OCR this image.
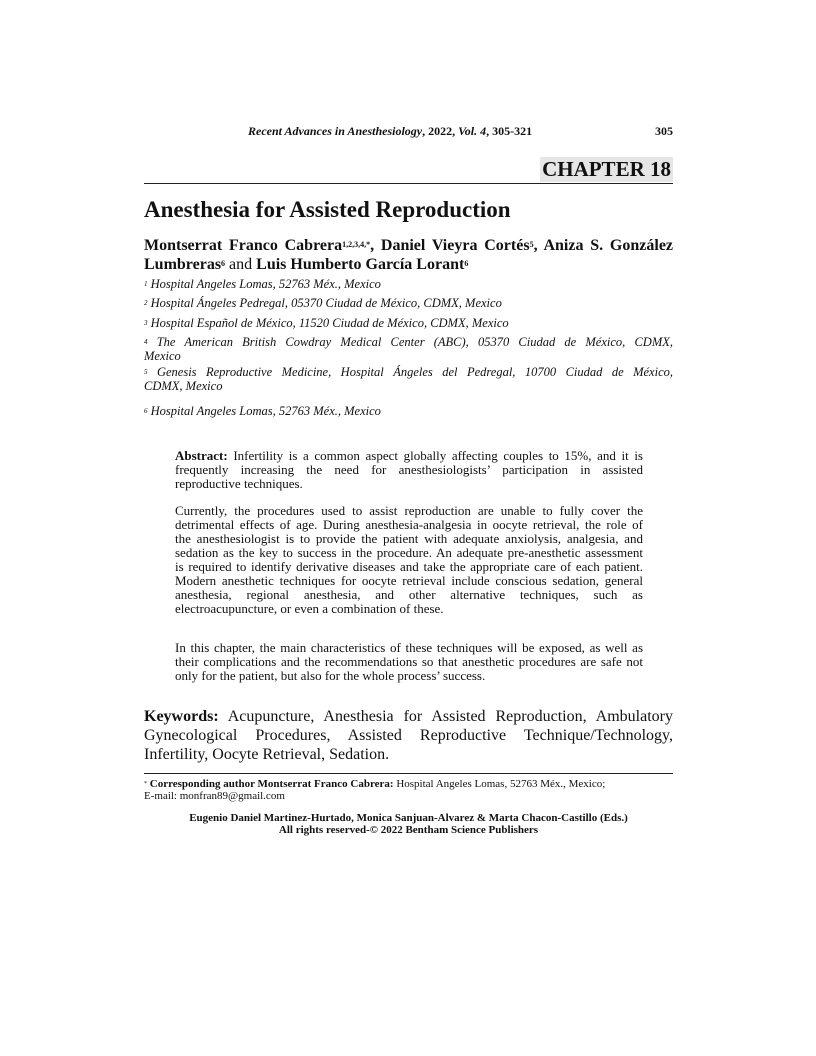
Recent Advances in Anesthesiology, 2022, Vol. 4, 305-321	305
CHAPTER 18
Anesthesia for Assisted Reproduction
Montserrat Franco Cabrera$^{1,2,3,4,*}$, Daniel Vieyra Cortés$^5$, Aniza S. González
Lumbreras$^6$ and Luis Humberto García Lorant$^6$
$^1$ Hospital Angeles Lomas, 52763 Méx., Mexico
$^2$ Hospital Ángeles Pedregal, 05370 Ciudad de México, CDMX, Mexico
$^3$ Hospital Español de México, 11520 Ciudad de México, CDMX, Mexico
$^4$ The American British Cowdray Medical Center (ABC), 05370 Ciudad de México, CDMX,
Mexico
$^5$ Genesis Reproductive Medicine, Hospital Ángeles del Pedregal, 10700 Ciudad de México,
CDMX, Mexico
$^6$ Hospital Angeles Lomas, 52763 Méx., Mexico
Abstract: Infertility is a common aspect globally affecting couples to 15%, and it is
frequently increasing the need for anesthesiologists’ participation in assisted
reproductive techniques.
Currently, the procedures used to assist reproduction are unable to fully cover the
detrimental effects of age. During anesthesia-analgesia in oocyte retrieval, the role of
the anesthesiologist is to provide the patient with adequate anxiolysis, analgesia, and
sedation as the key to success in the procedure. An adequate pre-anesthetic assessment
is required to identify derivative diseases and take the appropriate care of each patient.
Modern anesthetic techniques for oocyte retrieval include conscious sedation, general
anesthesia, regional anesthesia, and other alternative techniques, such as
electroacupuncture, or even a combination of these.
In this chapter, the main characteristics of these techniques will be exposed, as well as
their complications and the recommendations so that anesthetic procedures are safe not
only for the patient, but also for the whole process’ success.
Keywords: Acupuncture, Anesthesia for Assisted Reproduction, Ambulatory
Gynecological Procedures, Assisted Reproductive Technique/Technology,
Infertility, Oocyte Retrieval, Sedation.
* Corresponding author Montserrat Franco Cabrera: Hospital Angeles Lomas, 52763 Méx., Mexico;
E-mail: monfran89@gmail.com
Eugenio Daniel Martinez-Hurtado, Monica Sanjuan-Alvarez & Marta Chacon-Castillo (Eds.)
All rights reserved-© 2022 Bentham Science Publishers
